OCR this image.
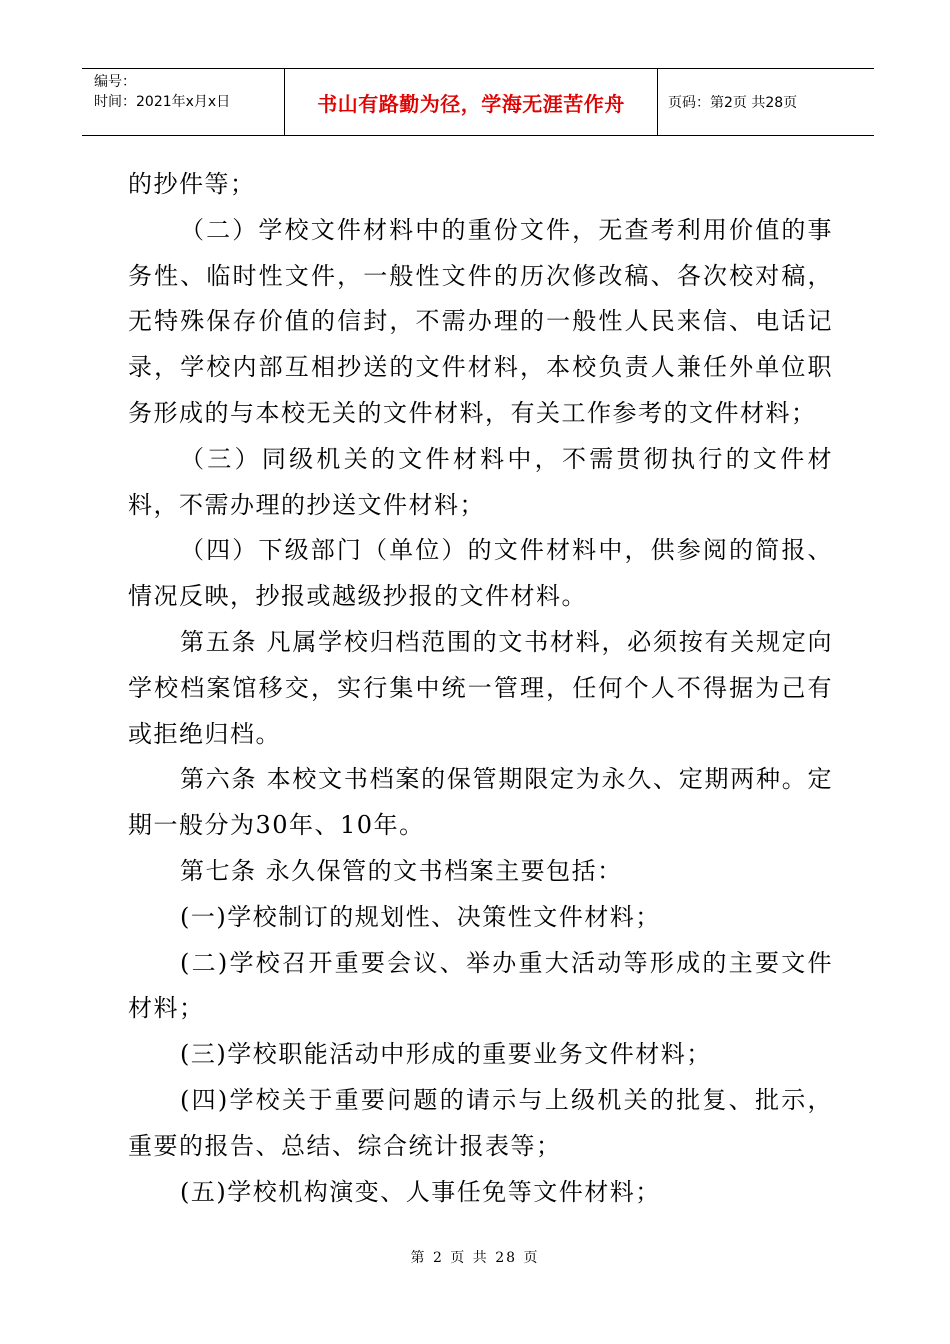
编号：
时间：2021年x月x日	书山有路勤为径，学海无涯苦作舟	页码：第2页 共28页

的抄件等；

（二）学校文件材料中的重份文件，无查考利用价值的事务性、临时性文件，一般性文件的历次修改稿、各次校对稿，无特殊保存价值的信封，不需办理的一般性人民来信、电话记录，学校内部互相抄送的文件材料，本校负责人兼任外单位职务形成的与本校无关的文件材料，有关工作参考的文件材料；

（三）同级机关的文件材料中，不需贯彻执行的文件材料，不需办理的抄送文件材料；

（四）下级部门（单位）的文件材料中，供参阅的简报、情况反映，抄报或越级抄报的文件材料。

第五条 凡属学校归档范围的文书材料，必须按有关规定向学校档案馆移交，实行集中统一管理，任何个人不得据为己有或拒绝归档。

第六条 本校文书档案的保管期限定为永久、定期两种。定期一般分为30年、10年。

第七条 永久保管的文书档案主要包括：

(一)学校制订的规划性、决策性文件材料；

(二)学校召开重要会议、举办重大活动等形成的主要文件材料；

(三)学校职能活动中形成的重要业务文件材料；

(四)学校关于重要问题的请示与上级机关的批复、批示，重要的报告、总结、综合统计报表等；

(五)学校机构演变、人事任免等文件材料；

第 2 页 共 28 页
